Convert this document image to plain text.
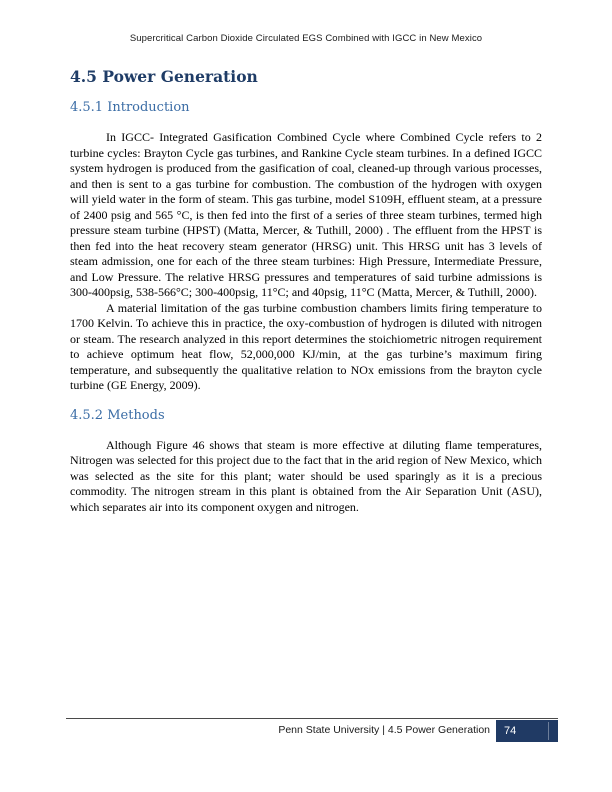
Supercritical Carbon Dioxide Circulated EGS Combined with IGCC in New Mexico
4.5 Power Generation
4.5.1 Introduction

In IGCC- Integrated Gasification Combined Cycle where Combined Cycle refers to 2 turbine cycles: Brayton Cycle gas turbines, and Rankine Cycle steam turbines. In a defined IGCC system hydrogen is produced from the gasification of coal, cleaned-up through various processes, and then is sent to a gas turbine for combustion. The combustion of the hydrogen with oxygen will yield water in the form of steam. This gas turbine, model S109H, effluent steam, at a pressure of 2400 psig and 565 °C, is then fed into the first of a series of three steam turbines, termed high pressure steam turbine (HPST) (Matta, Mercer, & Tuthill, 2000) . The effluent from the HPST is then fed into the heat recovery steam generator (HRSG) unit. This HRSG unit has 3 levels of steam admission, one for each of the three steam turbines: High Pressure, Intermediate Pressure, and Low Pressure. The relative HRSG pressures and temperatures of said turbine admissions is 300-400psig, 538-566°C; 300-400psig, 11°C; and 40psig, 11°C (Matta, Mercer, & Tuthill, 2000).

A material limitation of the gas turbine combustion chambers limits firing temperature to 1700 Kelvin. To achieve this in practice, the oxy-combustion of hydrogen is diluted with nitrogen or steam. The research analyzed in this report determines the stoichiometric nitrogen requirement to achieve optimum heat flow, 52,000,000 KJ/min, at the gas turbine’s maximum firing temperature, and subsequently the qualitative relation to NOx emissions from the brayton cycle turbine (GE Energy, 2009).

4.5.2 Methods

Although Figure 46 shows that steam is more effective at diluting flame temperatures, Nitrogen was selected for this project due to the fact that in the arid region of New Mexico, which was selected as the site for this plant; water should be used sparingly as it is a precious commodity. The nitrogen stream in this plant is obtained from the Air Separation Unit (ASU), which separates air into its component oxygen and nitrogen.

Penn State University | 4.5 Power Generation	74
